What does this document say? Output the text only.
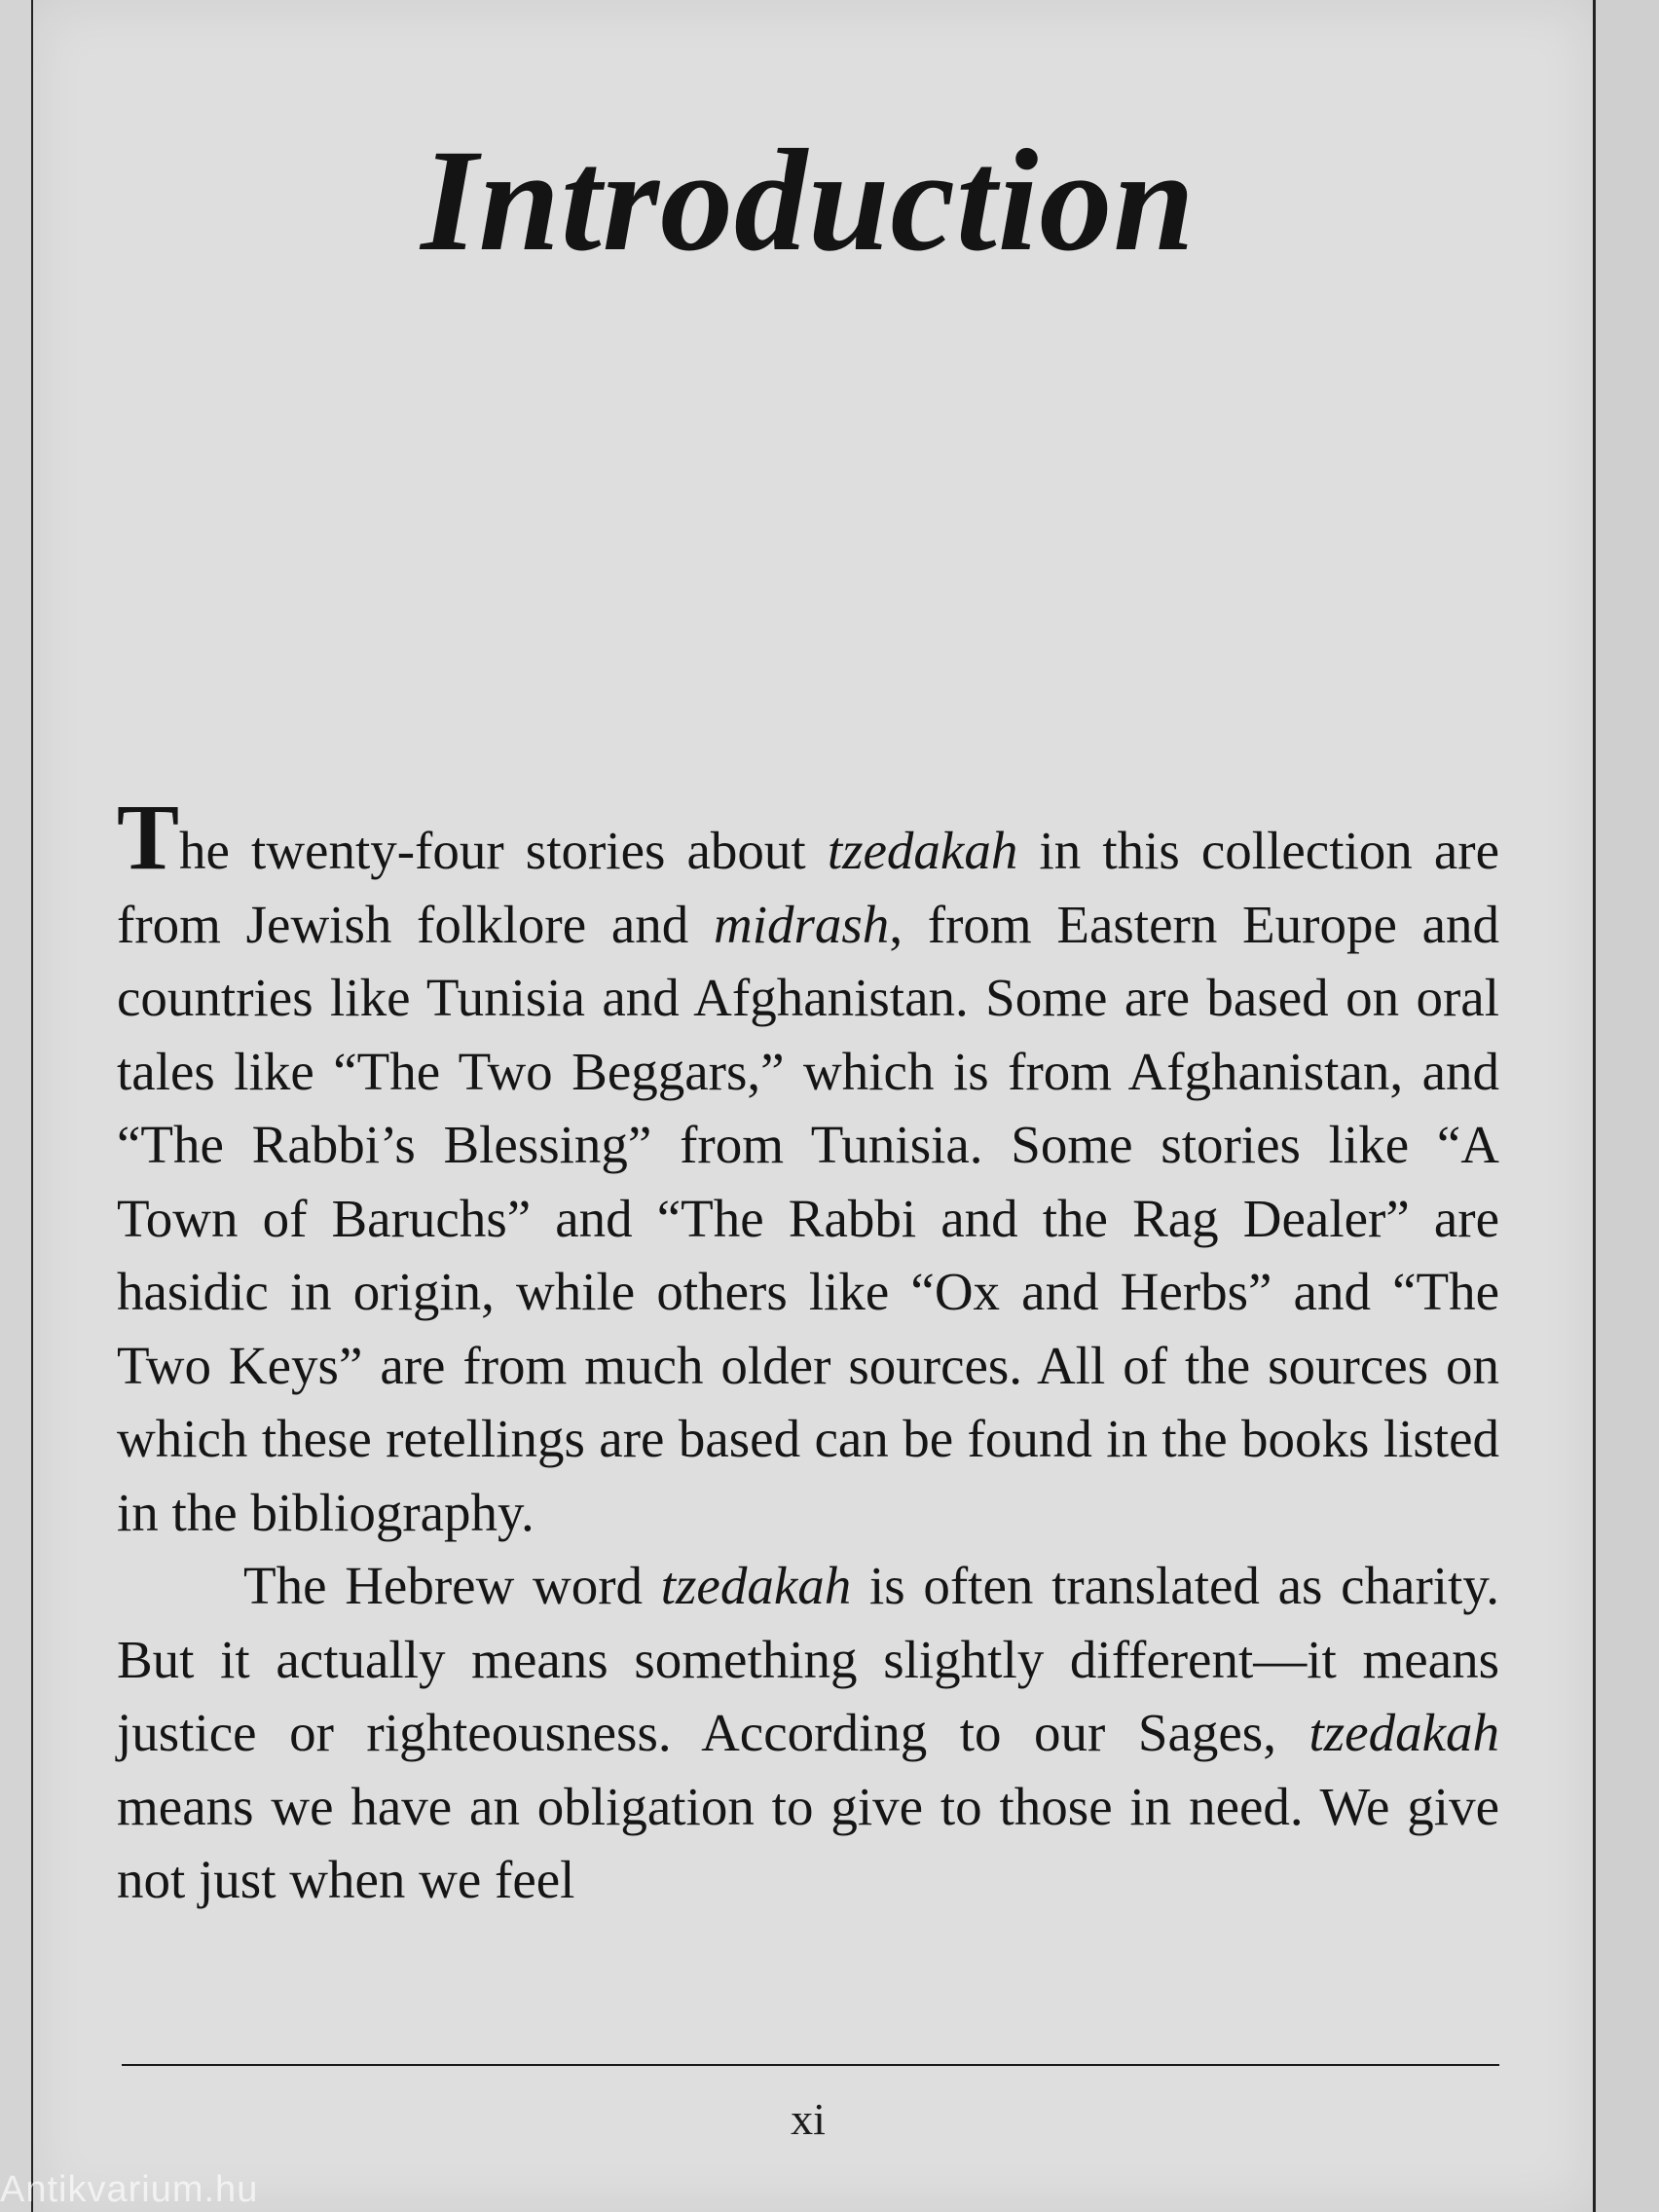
Introduction

The twenty-four stories about tzedakah in this collection are from Jewish folklore and midrash, from Eastern Europe and countries like Tunisia and Afghanistan. Some are based on oral tales like “The Two Beggars,” which is from Afghanistan, and “The Rabbi’s Blessing” from Tunisia. Some stories like “A Town of Baruchs” and “The Rabbi and the Rag Dealer” are hasidic in origin, while others like “Ox and Herbs” and “The Two Keys” are from much older sources. All of the sources on which these retellings are based can be found in the books listed in the bibliography.

The Hebrew word tzedakah is often translated as charity. But it actually means something slightly different—it means justice or righteousness. According to our Sages, tzedakah means we have an obligation to give to those in need. We give not just when we feel

xi
Antikvarium.hu
